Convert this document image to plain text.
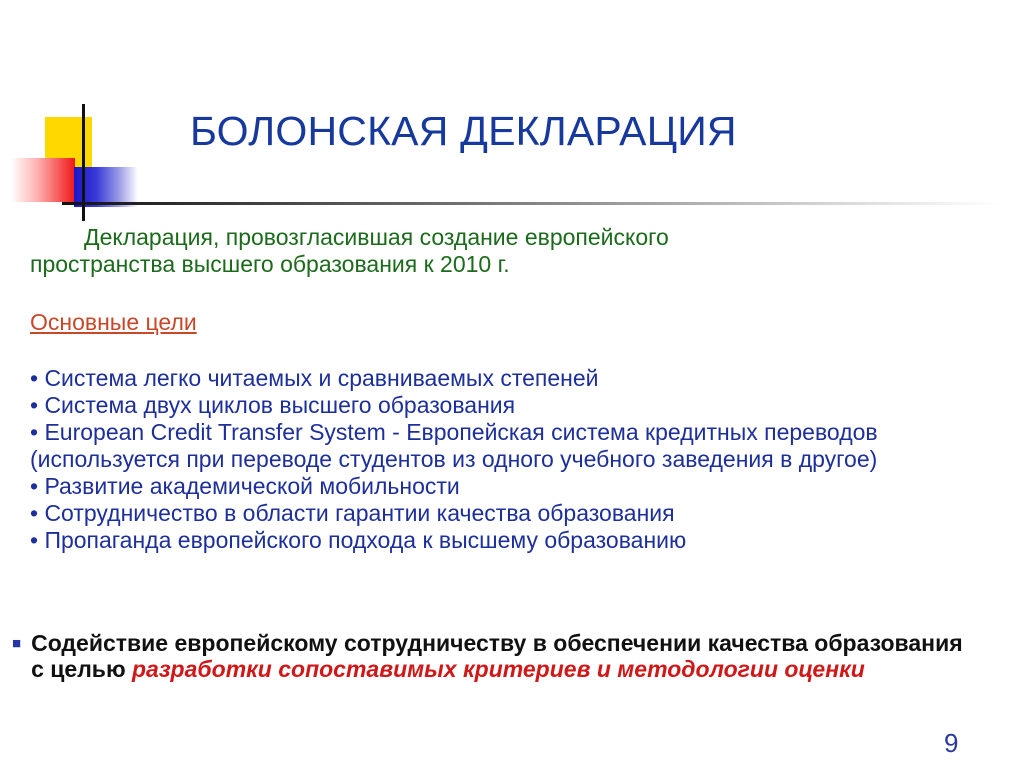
БОЛОНСКАЯ ДЕКЛАРАЦИЯ

Декларация, провозгласившая создание европейского
пространства высшего образования к 2010 г.

Основные цели

• Система легко читаемых и сравниваемых степеней
• Система двух циклов высшего образования
• European Credit Transfer System - Европейская система кредитных переводов (используется при переводе студентов из одного учебного заведения в другое)
• Развитие академической мобильности
• Сотрудничество в области гарантии качества образования
• Пропаганда европейского подхода к высшему образованию
■ Содействие европейскому сотрудничеству в обеспечении качества образования с целью разработки сопоставимых критериев и методологии оценки

9
